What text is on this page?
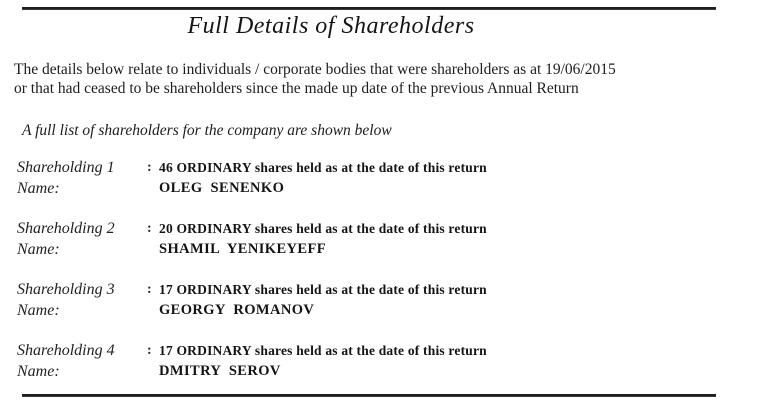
Full Details of Shareholders

The details below relate to individuals / corporate bodies that were shareholders as at 19/06/2015
or that had ceased to be shareholders since the made up date of the previous Annual Return

A full list of shareholders for the company are shown below

Shareholding 1	: 46 ORDINARY shares held as at the date of this return
Name:	OLEG  SENENKO
Shareholding 2	: 20 ORDINARY shares held as at the date of this return
Name:	SHAMIL  YENIKEYEFF
Shareholding 3	: 17 ORDINARY shares held as at the date of this return
Name:	GEORGY  ROMANOV
Shareholding 4	: 17 ORDINARY shares held as at the date of this return
Name:	DMITRY  SEROV
